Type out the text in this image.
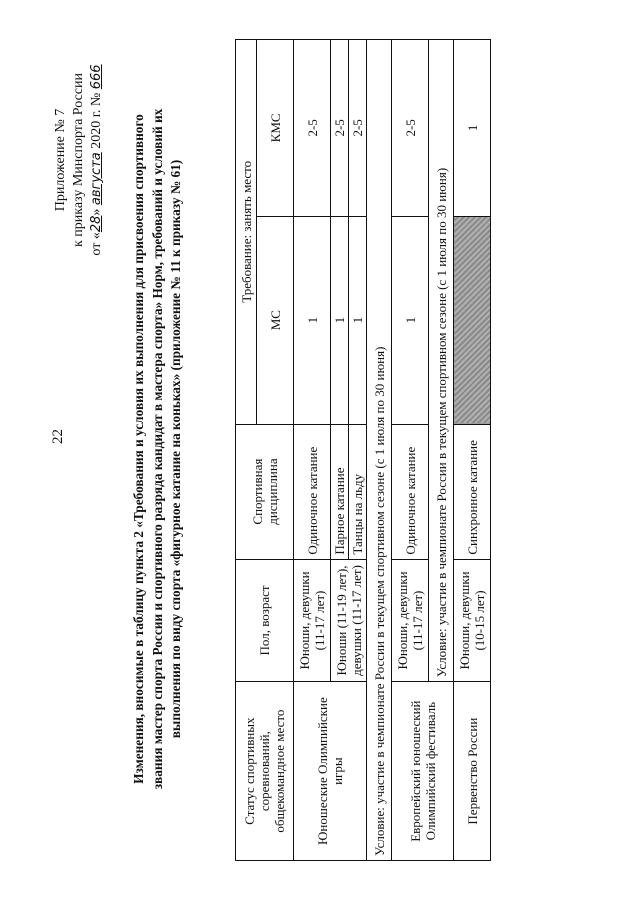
22
Приложение № 7 к приказу Минспорта России от «28» августа 2020 г. № 666
Изменения, вносимые в таблицу пункта 2 «Требования и условия их выполнения для присвоения спортивного звания мастер спорта России и спортивного разряда кандидат в мастера спорта» Норм, требований и условий их выполнения по виду спорта «фигурное катание на коньках» (приложение № 11 к приказу № 61)
Статус спортивных соревнований, общекомандное место	Пол, возраст	Спортивная дисциплина	Требование: занять место	
			МС	КМС
Юношеские Олимпийские игры	Юноши, девушки (11-17 лет)	Одиночное катание	1	2-5
	Юноши (11-19 лет), девушки (11-17 лет)	Парное катание	1	2-5
		Танцы на льду	1	2-5
Условие: участие в чемпионате России в текущем спортивном сезоне (с 1 июля по 30 июня)				
Европейский юношеский Олимпийский фестиваль	Юноши, девушки (11-17 лет)	Одиночное катание	1	2-5
	Условие: участие в чемпионате России в текущем спортивном сезоне (с 1 июля по 30 июня)			
Первенство России	Юноши, девушки (10-15 лет)	Синхронное катание		1
